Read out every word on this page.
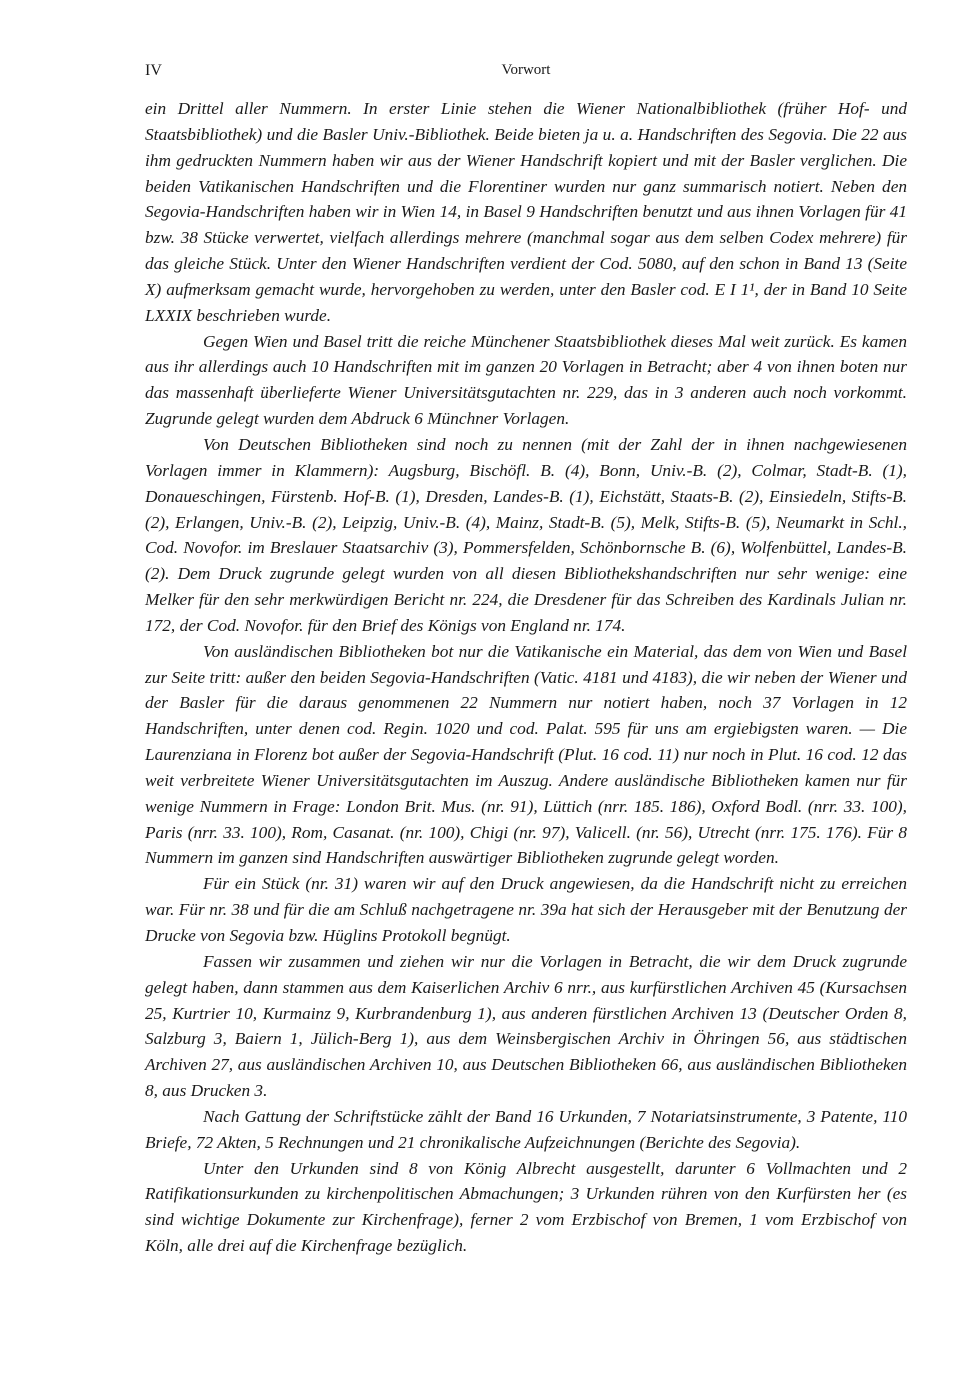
IV	Vorwort

ein Drittel aller Nummern. In erster Linie stehen die Wiener Nationalbibliothek (früher Hof- und Staatsbibliothek) und die Basler Univ.-Bibliothek. Beide bieten ja u. a. Handschriften des Segovia. Die 22 aus ihm gedruckten Nummern haben wir aus der Wiener Handschrift kopiert und mit der Basler verglichen. Die beiden Vatikanischen Handschriften und die Florentiner wurden nur ganz summarisch notiert. Neben den Segovia-Handschriften haben wir in Wien 14, in Basel 9 Handschriften benutzt und aus ihnen Vorlagen für 41 bzw. 38 Stücke verwertet, vielfach allerdings mehrere (manchmal sogar aus dem selben Codex mehrere) für das gleiche Stück. Unter den Wiener Handschriften verdient der Cod. 5080, auf den schon in Band 13 (Seite X) aufmerksam gemacht wurde, hervorgehoben zu werden, unter den Basler cod. E I 1¹, der in Band 10 Seite LXXIX beschrieben wurde.

Gegen Wien und Basel tritt die reiche Münchener Staatsbibliothek dieses Mal weit zurück. Es kamen aus ihr allerdings auch 10 Handschriften mit im ganzen 20 Vorlagen in Betracht; aber 4 von ihnen boten nur das massenhaft überlieferte Wiener Universitätsgutachten nr. 229, das in 3 anderen auch noch vorkommt. Zugrunde gelegt wurden dem Abdruck 6 Münchner Vorlagen.

Von Deutschen Bibliotheken sind noch zu nennen (mit der Zahl der in ihnen nachgewiesenen Vorlagen immer in Klammern): Augsburg, Bischöfl. B. (4), Bonn, Univ.-B. (2), Colmar, Stadt-B. (1), Donaueschingen, Fürstenb. Hof-B. (1), Dresden, Landes-B. (1), Eichstätt, Staats-B. (2), Einsiedeln, Stifts-B. (2), Erlangen, Univ.-B. (2), Leipzig, Univ.-B. (4), Mainz, Stadt-B. (5), Melk, Stifts-B. (5), Neumarkt in Schl., Cod. Novofor. im Breslauer Staatsarchiv (3), Pommersfelden, Schönbornsche B. (6), Wolfenbüttel, Landes-B. (2). Dem Druck zugrunde gelegt wurden von all diesen Bibliothekshandschriften nur sehr wenige: eine Melker für den sehr merkwürdigen Bericht nr. 224, die Dresdener für das Schreiben des Kardinals Julian nr. 172, der Cod. Novofor. für den Brief des Königs von England nr. 174.

Von ausländischen Bibliotheken bot nur die Vatikanische ein Material, das dem von Wien und Basel zur Seite tritt: außer den beiden Segovia-Handschriften (Vatic. 4181 und 4183), die wir neben der Wiener und der Basler für die daraus genommenen 22 Nummern nur notiert haben, noch 37 Vorlagen in 12 Handschriften, unter denen cod. Regin. 1020 und cod. Palat. 595 für uns am ergiebigsten waren. — Die Laurenziana in Florenz bot außer der Segovia-Handschrift (Plut. 16 cod. 11) nur noch in Plut. 16 cod. 12 das weit verbreitete Wiener Universitätsgutachten im Auszug. Andere ausländische Bibliotheken kamen nur für wenige Nummern in Frage: London Brit. Mus. (nr. 91), Lüttich (nrr. 185. 186), Oxford Bodl. (nrr. 33. 100), Paris (nrr. 33. 100), Rom, Casanat. (nr. 100), Chigi (nr. 97), Valicell. (nr. 56), Utrecht (nrr. 175. 176). Für 8 Nummern im ganzen sind Handschriften auswärtiger Bibliotheken zugrunde gelegt worden.

Für ein Stück (nr. 31) waren wir auf den Druck angewiesen, da die Handschrift nicht zu erreichen war. Für nr. 38 und für die am Schluß nachgetragene nr. 39a hat sich der Herausgeber mit der Benutzung der Drucke von Segovia bzw. Hüglins Protokoll begnügt.

Fassen wir zusammen und ziehen wir nur die Vorlagen in Betracht, die wir dem Druck zugrunde gelegt haben, dann stammen aus dem Kaiserlichen Archiv 6 nrr., aus kurfürstlichen Archiven 45 (Kursachsen 25, Kurtrier 10, Kurmainz 9, Kurbrandenburg 1), aus anderen fürstlichen Archiven 13 (Deutscher Orden 8, Salzburg 3, Baiern 1, Jülich-Berg 1), aus dem Weinsbergischen Archiv in Öhringen 56, aus städtischen Archiven 27, aus ausländischen Archiven 10, aus Deutschen Bibliotheken 66, aus ausländischen Bibliotheken 8, aus Drucken 3.

Nach Gattung der Schriftstücke zählt der Band 16 Urkunden, 7 Notariatsinstrumente, 3 Patente, 110 Briefe, 72 Akten, 5 Rechnungen und 21 chronikalische Aufzeichnungen (Berichte des Segovia).

Unter den Urkunden sind 8 von König Albrecht ausgestellt, darunter 6 Vollmachten und 2 Ratifikationsurkunden zu kirchenpolitischen Abmachungen; 3 Urkunden rühren von den Kurfürsten her (es sind wichtige Dokumente zur Kirchenfrage), ferner 2 vom Erzbischof von Bremen, 1 vom Erzbischof von Köln, alle drei auf die Kirchenfrage bezüglich.
